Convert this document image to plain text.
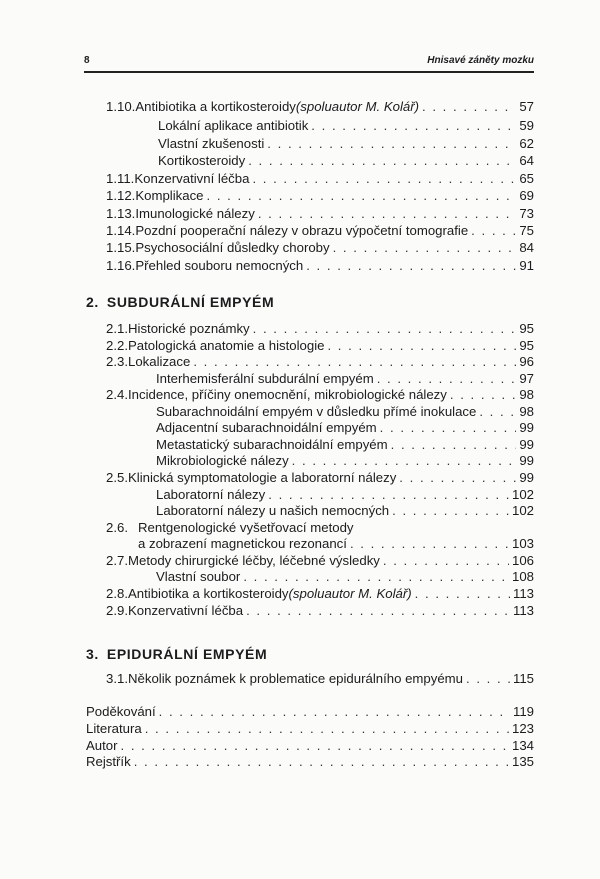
8	Hnisavé záněty mozku
1.10. Antibiotika a kortikosteroidy (spoluautor M. Kolář) . . .	57
Lokální aplikace antibiotik . . .	59
Vlastní zkušenosti . . .	62
Kortikosteroidy . . .	64
1.11. Konzervativní léčba . . .	65
1.12. Komplikace . . .	69
1.13. Imunologické nálezy . . .	73
1.14. Pozdní pooperační nálezy v obrazu výpočetní tomografie . . .	75
1.15. Psychosociální důsledky choroby . . .	84
1.16. Přehled souboru nemocných . . .	91
2. SUBDURÁLNÍ EMPYÉM
2.1. Historické poznámky . . .	95
2.2. Patologická anatomie a histologie . . .	95
2.3. Lokalizace . . .	96
Interhemisferální subdurální empyém . . .	97
2.4. Incidence, příčiny onemocnění, mikrobiologické nálezy . . .	98
Subarachnoidální empyém v důsledku přímé inokulace . . .	98
Adjacentní subarachnoidální empyém . . .	99
Metastatický subarachnoidální empyém . . .	99
Mikrobiologické nálezy . . .	99
2.5. Klinická symptomatologie a laboratorní nálezy . . .	99
Laboratorní nálezy . . .	102
Laboratorní nálezy u našich nemocných . . .	102
2.6. Rentgenologické vyšetřovací metody
a zobrazení magnetickou rezonancí . . .	103
2.7. Metody chirurgické léčby, léčebné výsledky . . .	106
Vlastní soubor . . .	108
2.8. Antibiotika a kortikosteroidy (spoluautor M. Kolář) . . .	113
2.9. Konzervativní léčba . . .	113
3. EPIDURÁLNÍ EMPYÉM
3.1. Několik poznámek k problematice epidurálního empyému . . .	115
Poděkování . . .	119
Literatura . . .	123
Autor . . .	134
Rejstřík . . .	135
